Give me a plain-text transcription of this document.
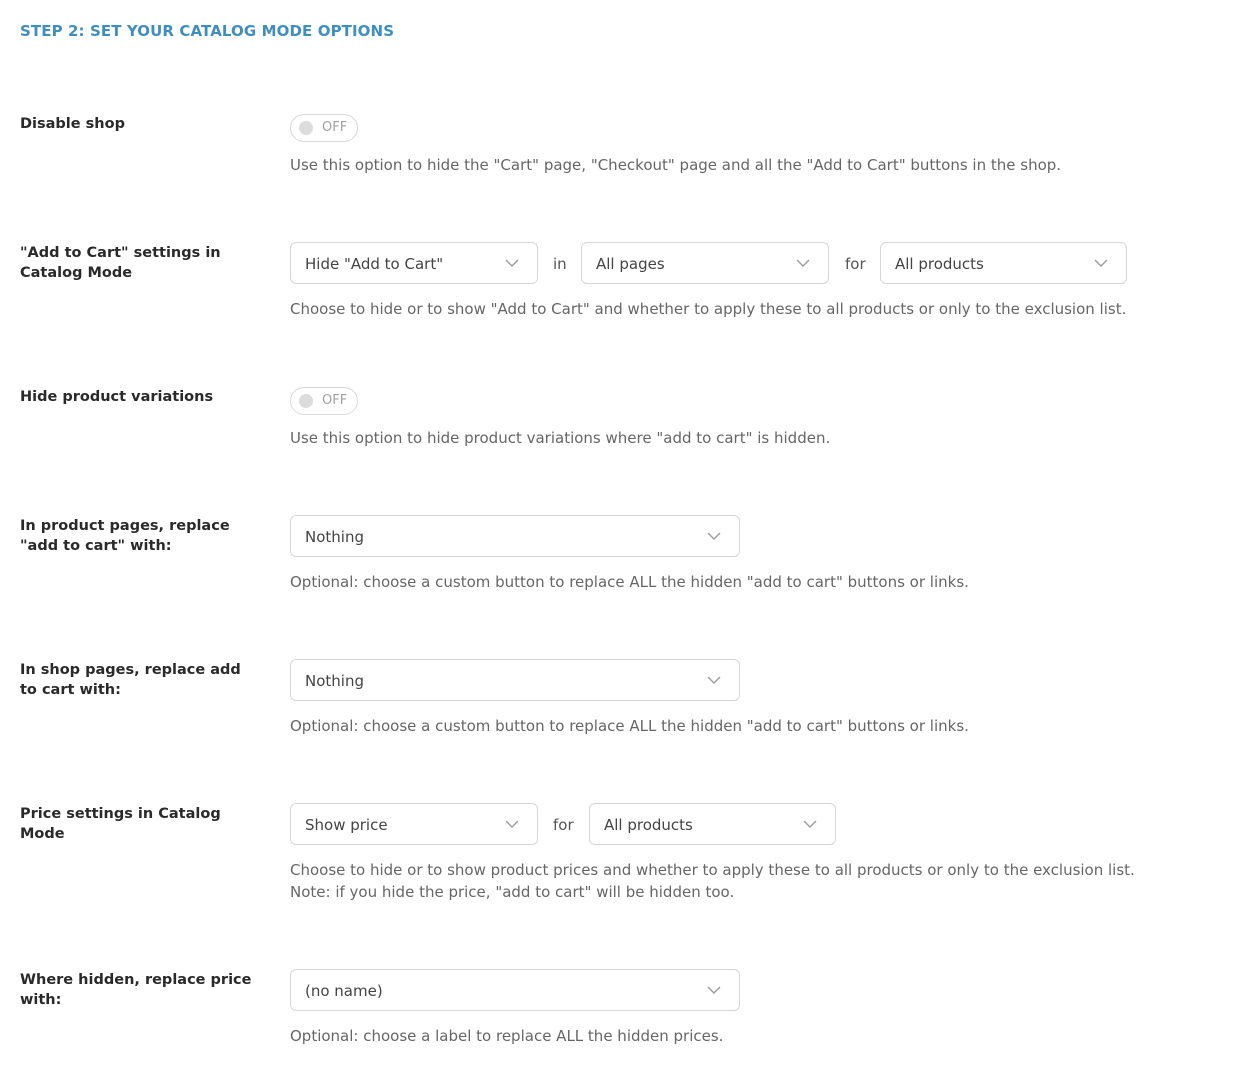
STEP 2: SET YOUR CATALOG MODE OPTIONS
Disable shop	OFF
Use this option to hide the "Cart" page, "Checkout" page and all the "Add to Cart" buttons in the shop.
"Add to Cart" settings in Catalog Mode	Hide "Add to Cart"	in All pages	for All products
Choose to hide or to show "Add to Cart" and whether to apply these to all products or only to the exclusion list.
Hide product variations	OFF
Use this option to hide product variations where "add to cart" is hidden.
In product pages, replace "add to cart" with:	Nothing
Optional: choose a custom button to replace ALL the hidden "add to cart" buttons or links.
In shop pages, replace add to cart with:	Nothing
Optional: choose a custom button to replace ALL the hidden "add to cart" buttons or links.
Price settings in Catalog Mode	Show price	for All products
Choose to hide or to show product prices and whether to apply these to all products or only to the exclusion list.
Note: if you hide the price, "add to cart" will be hidden too.
Where hidden, replace price with:	(no name)
Optional: choose a label to replace ALL the hidden prices.
